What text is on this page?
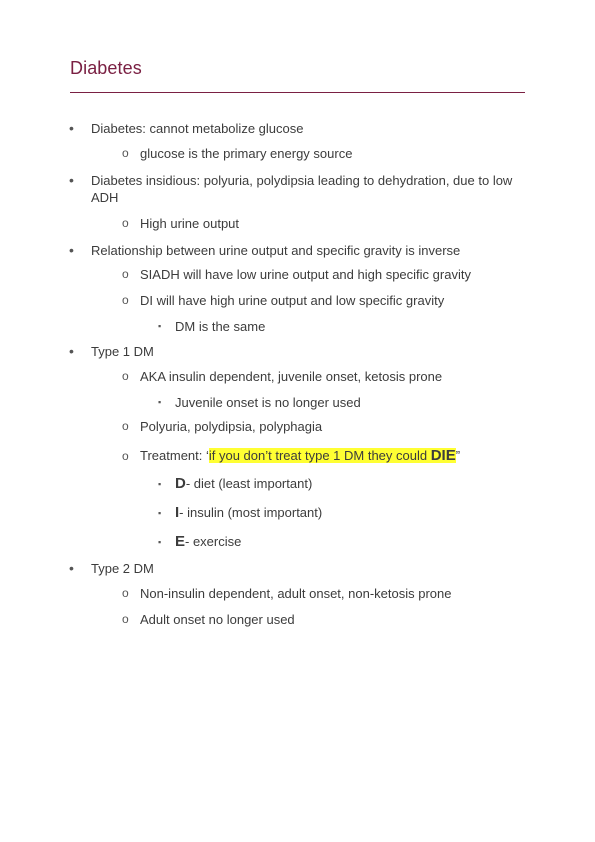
Diabetes
• Diabetes: cannot metabolize glucose
o glucose is the primary energy source
• Diabetes insidious: polyuria, polydipsia leading to dehydration, due to low ADH
o High urine output
• Relationship between urine output and specific gravity is inverse
o SIADH will have low urine output and high specific gravity
o DI will have high urine output and low specific gravity
▪ DM is the same
• Type 1 DM
o AKA insulin dependent, juvenile onset, ketosis prone
▪ Juvenile onset is no longer used
o Polyuria, polydipsia, polyphagia
o Treatment: ‘if you don’t treat type 1 DM they could DIE”
▪ D- diet (least important)
▪ I- insulin (most important)
▪ E- exercise
• Type 2 DM
o Non-insulin dependent, adult onset, non-ketosis prone
o Adult onset no longer used
